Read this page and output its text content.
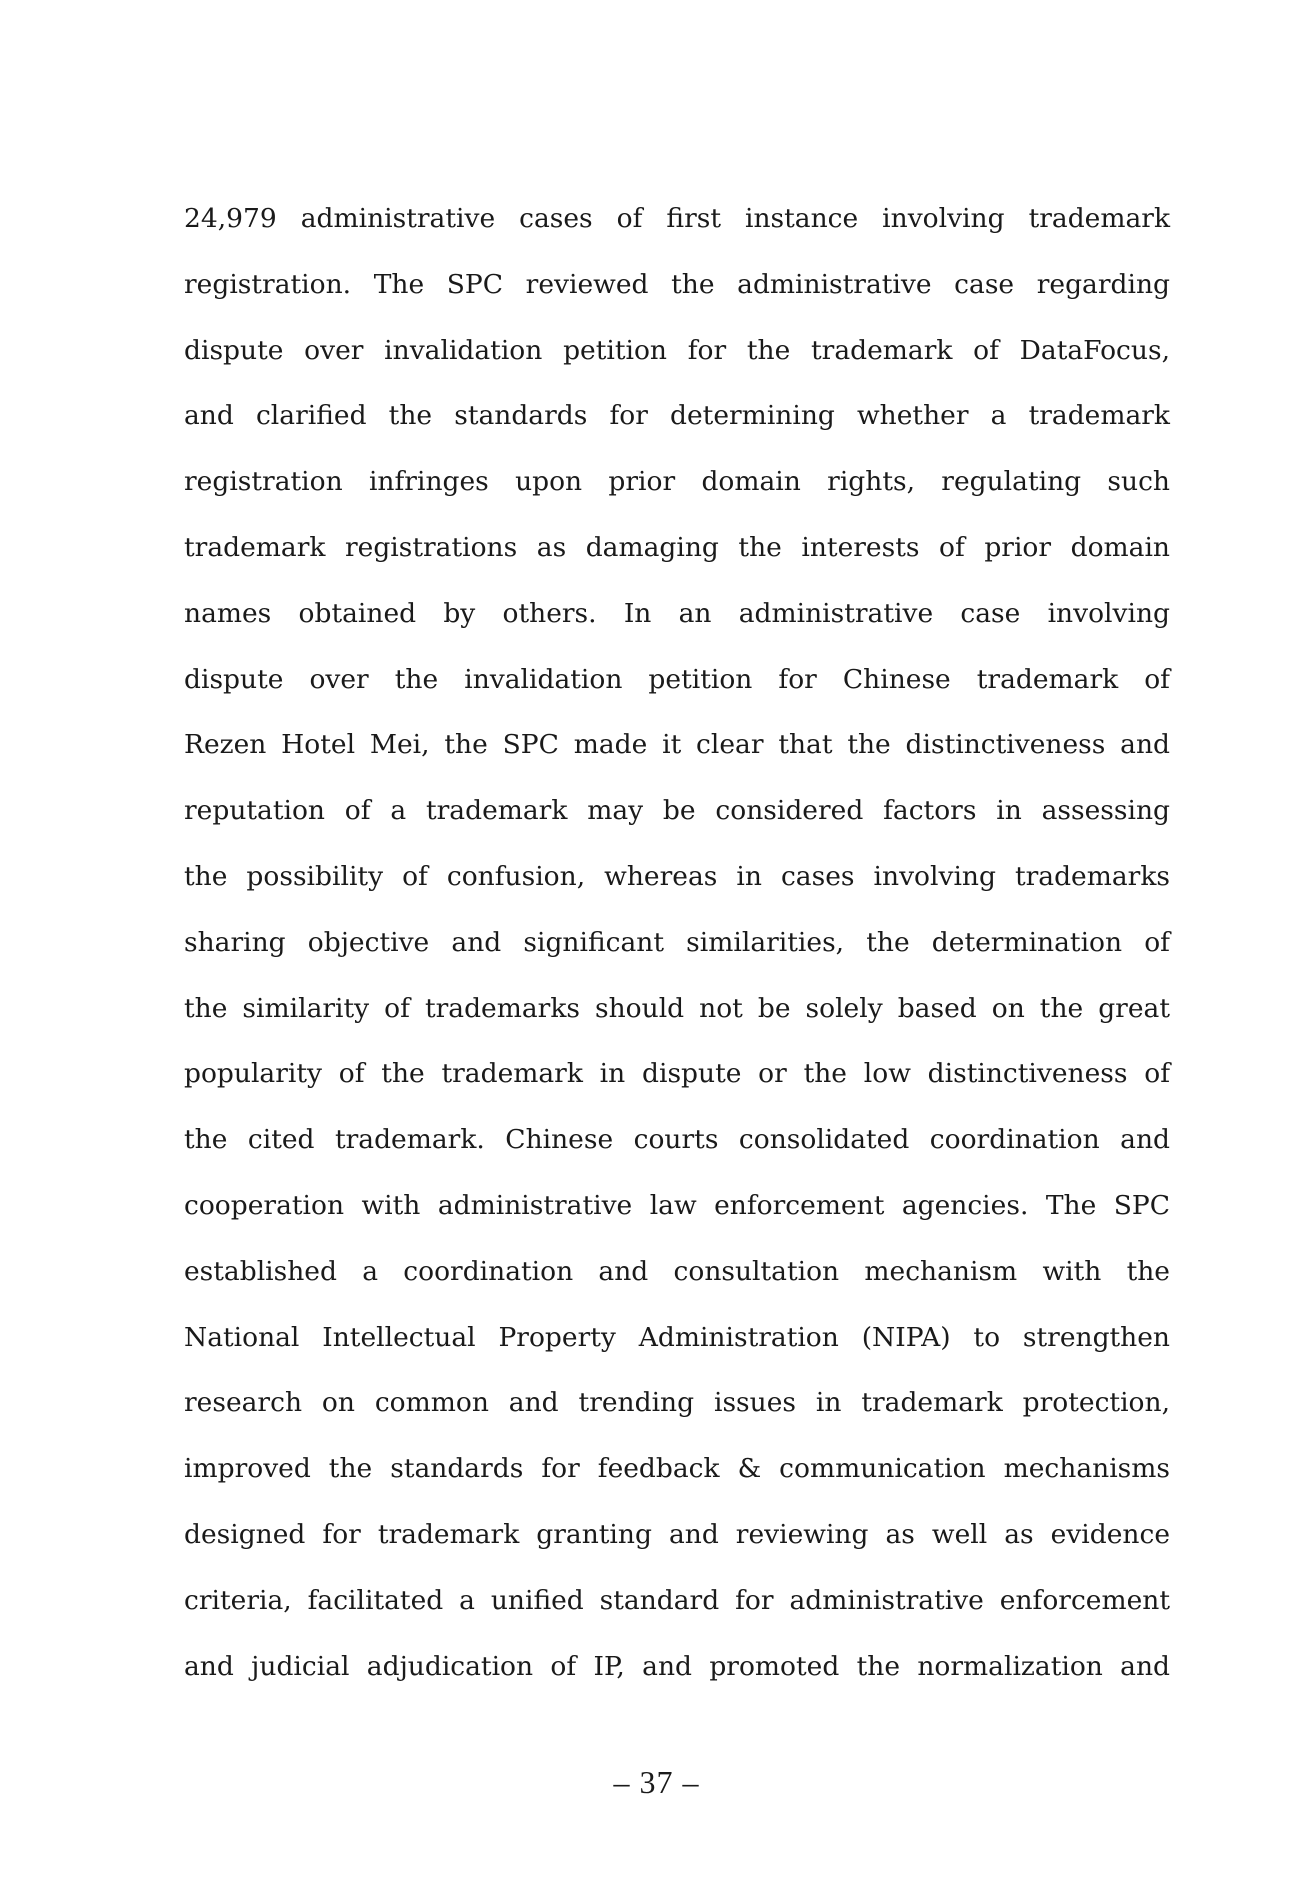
24,979 administrative cases of first instance involving trademark
registration. The SPC reviewed the administrative case regarding
dispute over invalidation petition for the trademark of DataFocus,
and clarified the standards for determining whether a trademark
registration infringes upon prior domain rights, regulating such
trademark registrations as damaging the interests of prior domain
names obtained by others. In an administrative case involving
dispute over the invalidation petition for Chinese trademark of
Rezen Hotel Mei, the SPC made it clear that the distinctiveness and
reputation of a trademark may be considered factors in assessing
the possibility of confusion, whereas in cases involving trademarks
sharing objective and significant similarities, the determination of
the similarity of trademarks should not be solely based on the great
popularity of the trademark in dispute or the low distinctiveness of
the cited trademark. Chinese courts consolidated coordination and
cooperation with administrative law enforcement agencies. The SPC
established a coordination and consultation mechanism with the
National Intellectual Property Administration (NIPA) to strengthen
research on common and trending issues in trademark protection,
improved the standards for feedback & communication mechanisms
designed for trademark granting and reviewing as well as evidence
criteria, facilitated a unified standard for administrative enforcement
and judicial adjudication of IP, and promoted the normalization and
– 37 –
